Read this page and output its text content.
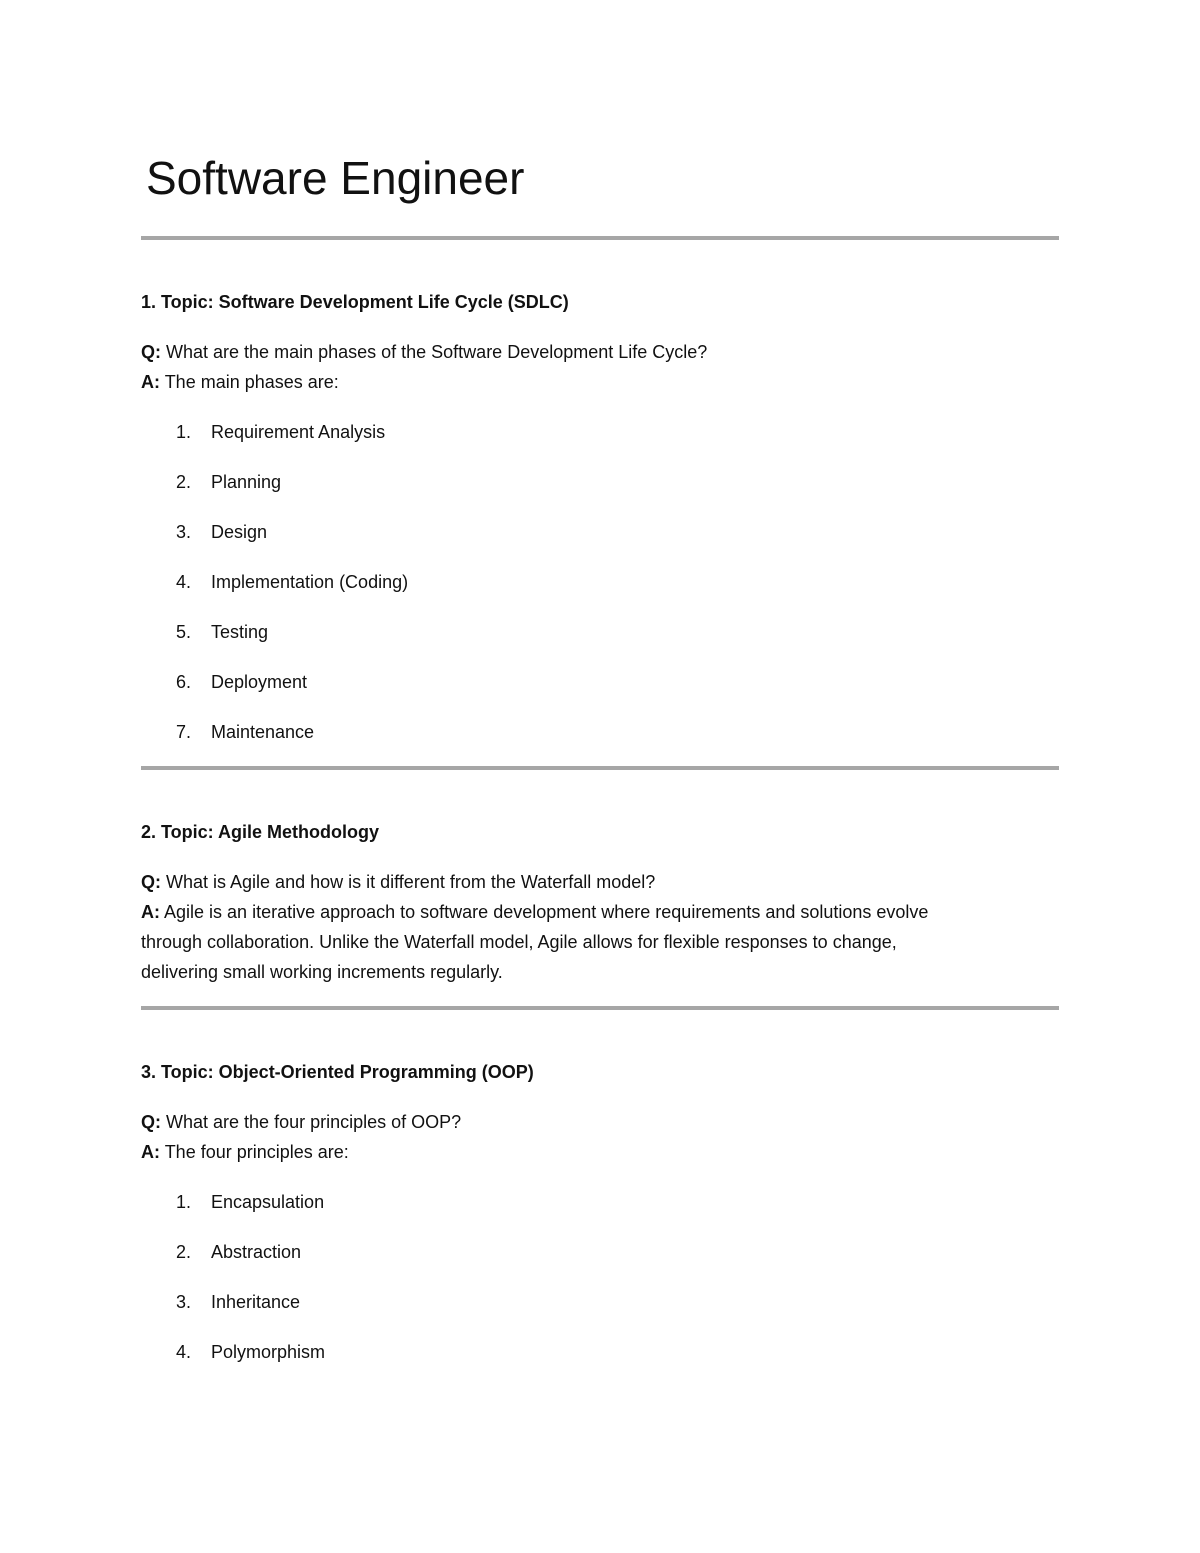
Software Engineer

1. Topic: Software Development Life Cycle (SDLC)

Q: What are the main phases of the Software Development Life Cycle?

A: The main phases are:

1. Requirement Analysis
2. Planning
3. Design
4. Implementation (Coding)
5. Testing
6. Deployment
7. Maintenance

2. Topic: Agile Methodology

Q: What is Agile and how is it different from the Waterfall model?

A: Agile is an iterative approach to software development where requirements and solutions evolve

through collaboration. Unlike the Waterfall model, Agile allows for flexible responses to change,

delivering small working increments regularly.

3. Topic: Object-Oriented Programming (OOP)

Q: What are the four principles of OOP?

A: The four principles are:

1. Encapsulation
2. Abstraction
3. Inheritance
4. Polymorphism
